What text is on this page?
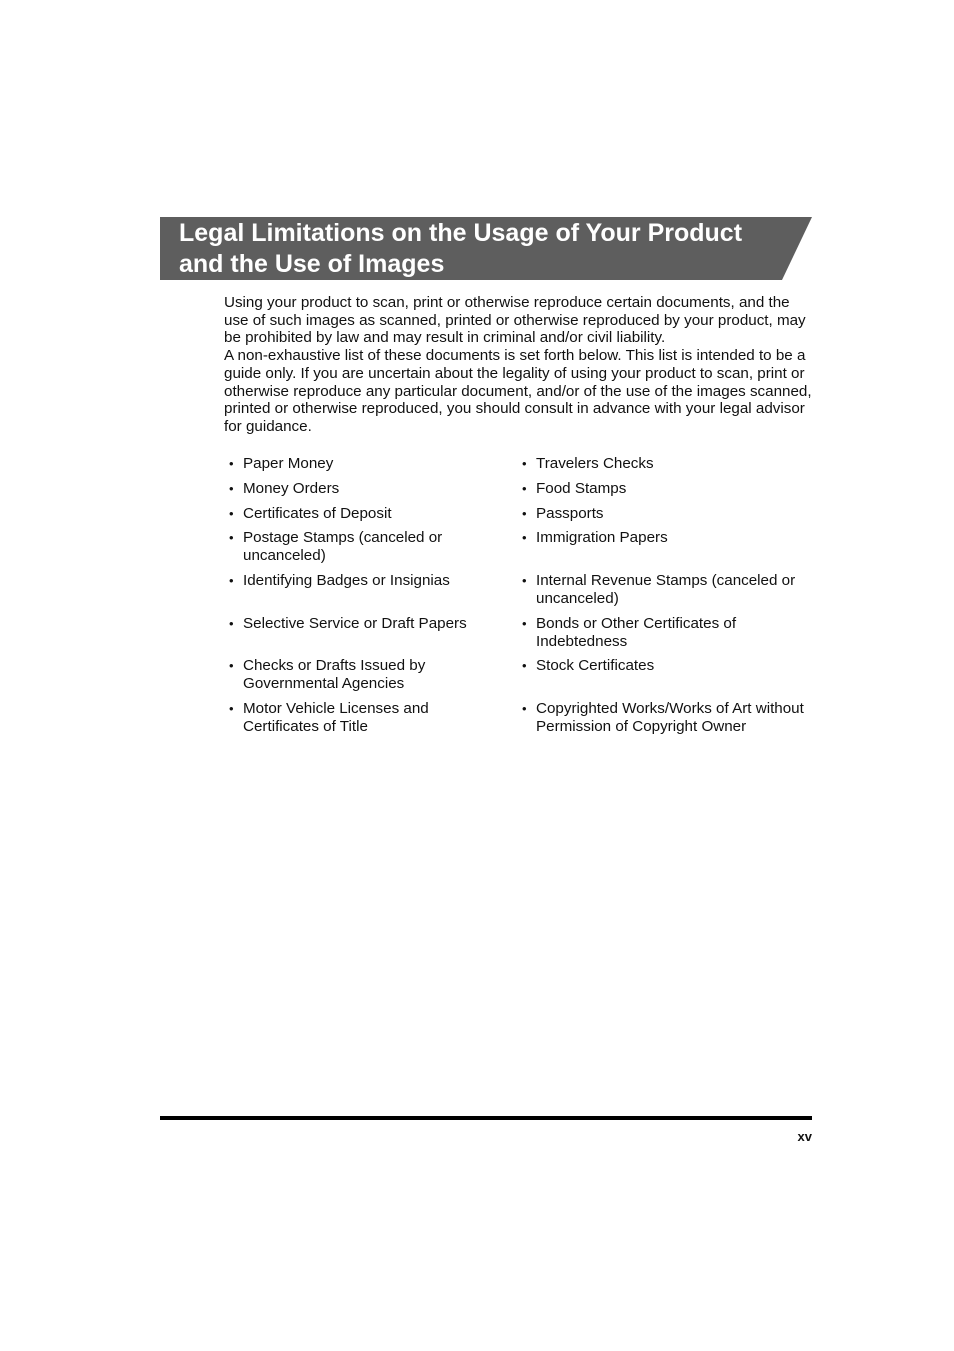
Legal Limitations on the Usage of Your Product
and the Use of Images

Using your product to scan, print or otherwise reproduce certain documents, and the use of such images as scanned, printed or otherwise reproduced by your product, may be prohibited by law and may result in criminal and/or civil liability.

A non-exhaustive list of these documents is set forth below. This list is intended to be a guide only. If you are uncertain about the legality of using your product to scan, print or otherwise reproduce any particular document, and/or of the use of the images scanned, printed or otherwise reproduced, you should consult in advance with your legal advisor for guidance.

• Paper Money
• Money Orders
• Certificates of Deposit
• Postage Stamps (canceled or uncanceled)
• Identifying Badges or Insignias
• Selective Service or Draft Papers
• Checks or Drafts Issued by Governmental Agencies
• Motor Vehicle Licenses and Certificates of Title
• Travelers Checks
• Food Stamps
• Passports
• Immigration Papers
• Internal Revenue Stamps (canceled or uncanceled)
• Bonds or Other Certificates of Indebtedness
• Stock Certificates
• Copyrighted Works/Works of Art without Permission of Copyright Owner
xv
